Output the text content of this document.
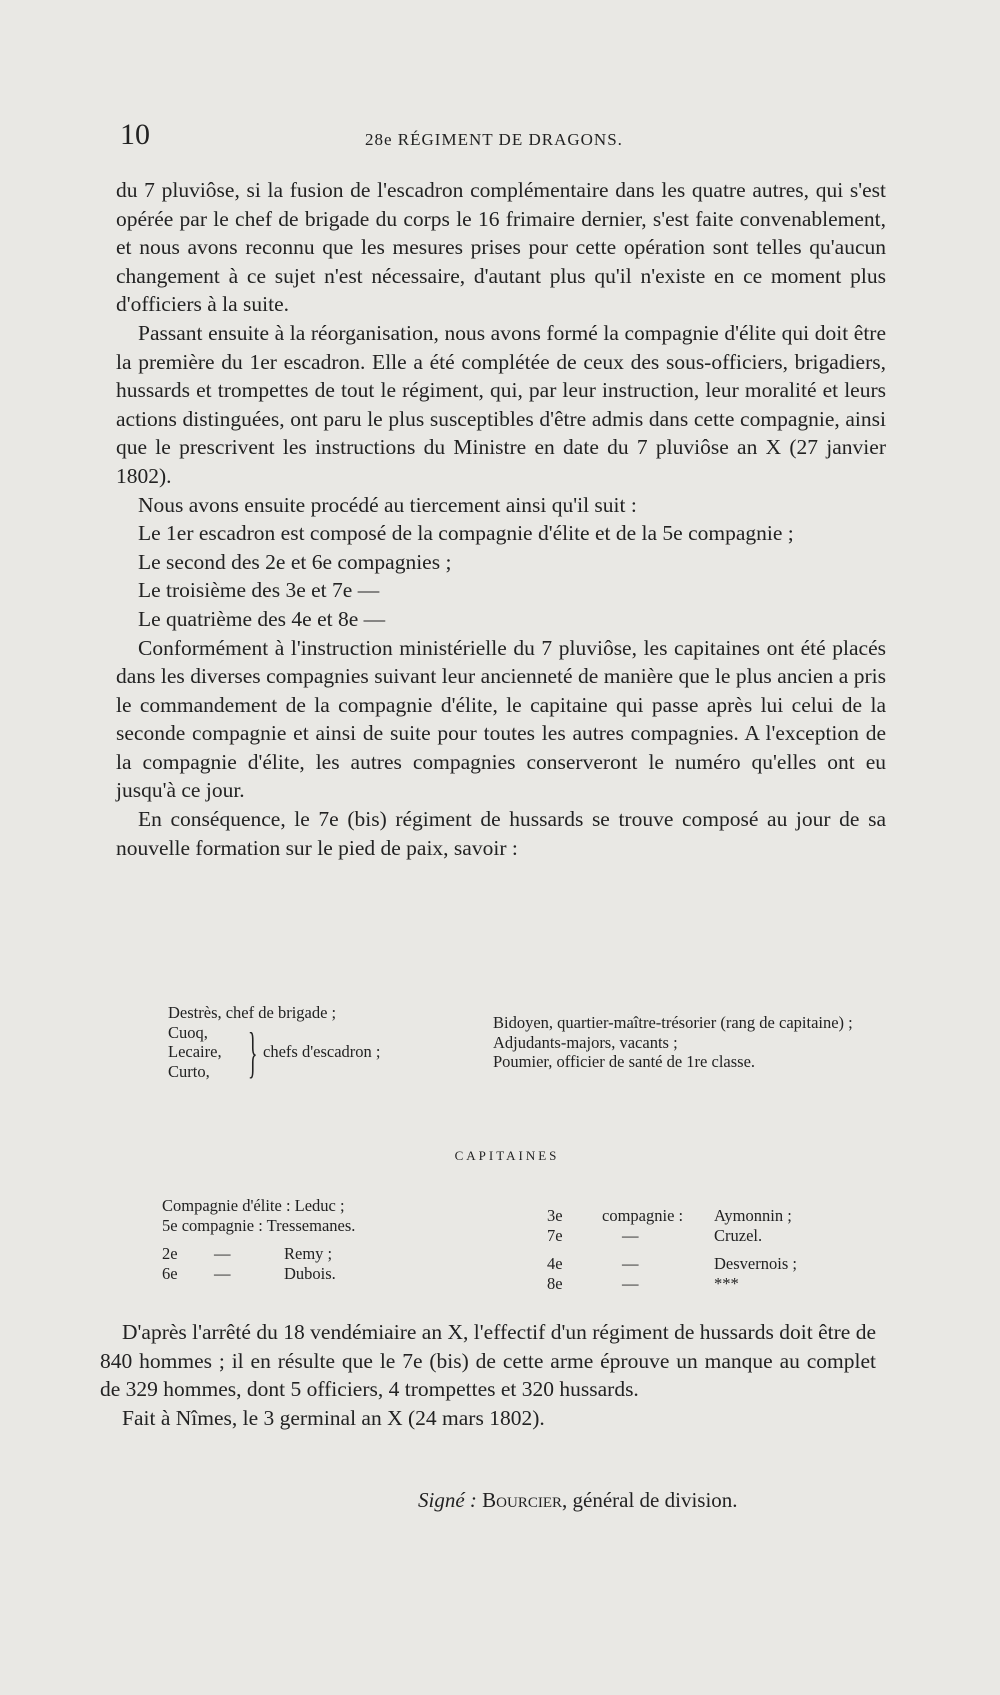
10	28e RÉGIMENT DE DRAGONS.

du 7 pluviôse, si la fusion de l'escadron complémentaire dans les quatre autres, qui s'est opérée par le chef de brigade du corps le 16 frimaire dernier, s'est faite convenablement, et nous avons reconnu que les mesures prises pour cette opération sont telles qu'aucun changement à ce sujet n'est nécessaire, d'autant plus qu'il n'existe en ce moment plus d'officiers à la suite.

Passant ensuite à la réorganisation, nous avons formé la compagnie d'élite qui doit être la première du 1er escadron. Elle a été complétée de ceux des sous-officiers, brigadiers, hussards et trompettes de tout le régiment, qui, par leur instruction, leur moralité et leurs actions distinguées, ont paru le plus susceptibles d'être admis dans cette compagnie, ainsi que le prescrivent les instructions du Ministre en date du 7 pluviôse an X (27 janvier 1802).

Nous avons ensuite procédé au tiercement ainsi qu'il suit :

Le 1er escadron est composé de la compagnie d'élite et de la 5e compagnie ;
Le second des 2e et 6e compagnies ;
Le troisième des 3e et 7e —
Le quatrième des 4e et 8e —

Conformément à l'instruction ministérielle du 7 pluviôse, les capitaines ont été placés dans les diverses compagnies suivant leur ancienneté de manière que le plus ancien a pris le commandement de la compagnie d'élite, le capitaine qui passe après lui celui de la seconde compagnie et ainsi de suite pour toutes les autres compagnies. A l'exception de la compagnie d'élite, les autres compagnies conserveront le numéro qu'elles ont eu jusqu'à ce jour.

En conséquence, le 7e (bis) régiment de hussards se trouve composé au jour de sa nouvelle formation sur le pied de paix, savoir :

Destrès, chef de brigade ;
Cuoq,
Lecaire,
Curto, } chefs d'escadron ;
Bidoyen, quartier-maître-trésorier (rang de capitaine) ;
Adjudants-majors, vacants ;
Poumier, officier de santé de 1re classe.
CAPITAINES
Compagnie d'élite : Leduc ;
5e compagnie : Tressemanes.
2e	—	Remy ;
6e	—	Dubois.
3e	compagnie :	Aymonnin ;
7e	—	Cruzel.
4e	—	Desvernois ;
8e	—	***

D'après l'arrêté du 18 vendémiaire an X, l'effectif d'un régiment de hussards doit être de 840 hommes ; il en résulte que le 7e (bis) de cette arme éprouve un manque au complet de 329 hommes, dont 5 officiers, 4 trompettes et 320 hussards.

Fait à Nîmes, le 3 germinal an X (24 mars 1802).

Signé : Bourcier, général de division.
